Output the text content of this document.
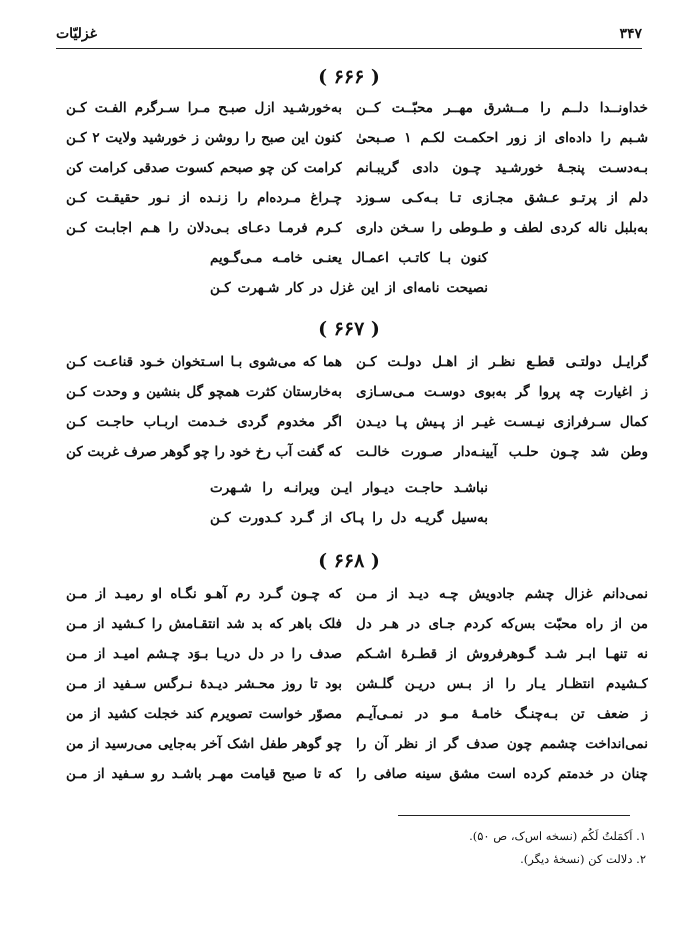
غزلیّات	۳۴۷
( ۶۶۶ )
خداونــدا دلــم را مــشرق مهــر محبّــت کــن
به‌خورشـید ازل صبـح مـرا سـرگرم الفـت کـن
شـبم را داده‌ای از زور احکمـت لکـم ۱ صـبحیٰ
کنون این صبح را روشن ز خورشید ولایت ۲ کـن
بـه‌دسـت پنجـهٔ خورشـید چـون دادی گریبـانم
کرامت کن چو صبحم کسوت صدقی کرامت کن
دلم از پرتـو عـشق مجـازی تـا بـه‌کـی سـوزد
چـراغ مـرده‌ام را زنـده از نـور حقیقـت کـن
به‌بلبل ناله کردی لطف و طـوطی را سـخن داری
کـرم فرمـا دعـای بـی‌دلان را هـم اجابـت کـن
کنون بـا کاتـب اعمـال یعنـی خامـه مـی‌گـویم
نصیحت نامه‌ای از این غزل در کار شـهرت کـن
( ۶۶۷ )
گرایـل دولتـی قطـع نظـر از اهـل دولـت کـن
هما که می‌شوی بـا اسـتخوان خـود قناعـت کـن
ز اغیارت چه پروا گر به‌بوی دوسـت مـی‌سـازی
به‌خارستان کثرت همچو گل بنشین و وحدت کـن
کمال سـرفرازی نیـسـت غیـر از پـیش پـا دیـدن
اگر مخدوم گردی خـدمت اربـاب حاجـت کـن
وطن شد چـون حلـب آیینـه‌دار صـورت خالـت
که گفت آب رخ خود را چو گوهر صرف غربت کن
نباشـد حاجـت دیـوار ایـن ویرانـه را شـهرت
به‌سیل گریـه دل را پـاک از گـرد کـدورت کـن
( ۶۶۸ )
نمی‌دانم غزال چشم جادویش چـه دیـد از مـن
که چـون گـرد رم آهـو نگـاه او رمیـد از مـن
من از راه محبّت بس‌که کردم جـای در هـر دل
فلک باهر که بد شد انتقـامش را کـشید از مـن
نه تنهـا ابـر شـد گـوهرفروش از قطـرهٔ اشـکم
صدف را در دل دریـا بـوَد چـشم امیـد از مـن
کـشیدم انتظـار یـار را از بـس دریـن گلـشن
بود تا روز محـشر دیـدهٔ نـرگس سـفید از مـن
ز ضعف تن بـه‌چنـگ خامـهٔ مـو در نمـی‌آیـم
مصوّر خواست تصویرم کند خجلت کشید از من
نمی‌انداخت چشمم چون صدف گر از نظر آن را
چو گوهر طفل اشک آخر به‌جایی می‌رسید از من
چنان در خدمتم کرده است مشق سینه صافی را
که تا صبح قیامت مهـر باشـد رو سـفید از مـن
۱. اَکمَلتُ لَکُم (نسخه اس‌ک، ص ۵۰).
۲. دلالت کن (نسخهٔ دیگر).
